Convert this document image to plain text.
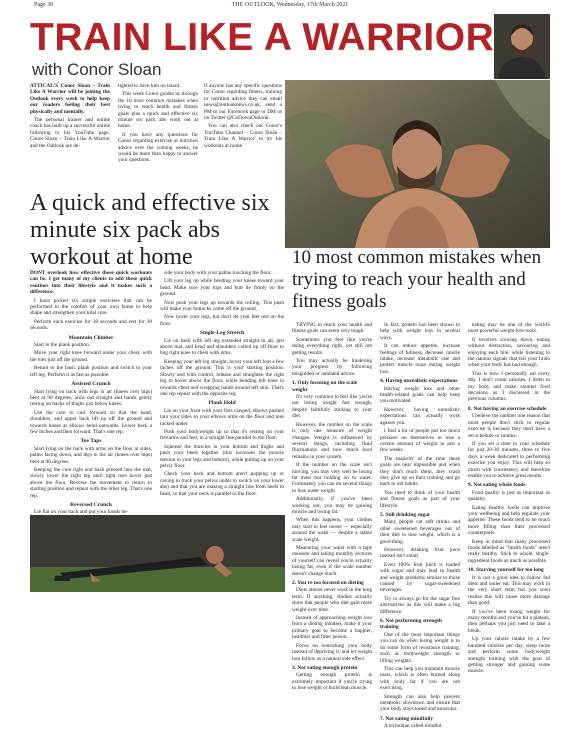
Page 38	THE OUTLOOK, Wednesday, 17th March 2021
TRAIN LIKE A WARRIOR
with Conor Sloan

ATTICAL'S Conor Sloan – Train Like A Warrior will be joining the Outlook every week to help keep our readers feeling their best physically and mentally.

The personal trainer and online coach has built up a successful online following to his YouTube page, Conor Sloan – Train Like A Warrior and the Outlook are de-

lighted to have him on board.

This week Conor guides us through the 10 most common mistakes when trying to reach health and fitness goals plus a quick and effective six minute six pack abs work out at home.

If you have any questions for Conor regarding exercise or nutrition advice over the coming weeks, he would be more than happy to answer your questions.

If anyone has any specific questions for Conor regarding fitness, training or nutrition advice they can email news@outlooknews.co.uk, send a PM to our Facebook page or DM us on Twitter @CoDownOutlook.

You can also check out Conor's YouTube Channel – Conor Sloan – Train Like A Warrior' to try his workouts at home.

A quick and effective six minute six pack abs workout at home

DONT overlook how effective these quick workouts can be. I get many of my clients to add these quick routines into their lifestyle and it makes such a difference.

I have picked six simple exercises that can be performed in the comfort of your own home to help shape and strengthen your total core.

Perform each exercise for 30 seconds and rest for 30 seconds.

Mountain Climber

Start in the plank position.

Move your right knee forward under your chest, with the toes just off the ground.

Return to the basic plank position and switch to your left leg. Perform it as fast as possible.

Assisted Crunch

Start lying on back with legs in air (knees over hips) bent at 90 degrees, arms out straight and hands gently resting on backs of thighs just below knees.

Use the core to curl forward so that the head, shoulders, and upper back lift up off the ground and towards knees as elbows bend outwards. Lower back a few inches and then forward. That's one rep.

Toe Taps

Start lying on the back with arms on the floor at sides, palms facing down, and legs in the air (knees over hips) bent at 90 degrees.

Keeping the core tight and back pressed into the mat, slowly lower the right leg until right toes hover just above the floor. Reverse the movement to return to starting position and repeat with the other leg. That's one rep.

Reversed Crunch

Lie flat on your back and put your hands be-

side your body with your palms touching the floor.

Lift your leg up while bending your knees toward your head. Make sure your hips and butt lie firmly on the ground.

Now push your legs up towards the ceiling. This push will make your buttocks come off the ground.

Now lower your legs, but don't let your feet rest on the floor.

Single-Leg Stretch

Lie on back with left leg extended straight in air, just above mat, and head and shoulders curled up off floor to hug right knee to chest with arms.

Keeping your left leg straight, hover your left foot a few inches off the ground. This is your starting position. Slowly and with control, release and straighten the right leg to hover above the floor, while bending left knee in towards chest and wrapping hands around left shin. That's one rep repeat with the opposite leg.

Plank Hold

Lie on your front with your fists clasped, elbows pushed into your sides so your elbows arms on the floor and toes tucked under.

Push your bodyweight up so that it's resting on your forearms and feet, in a straight line parallel to the floor.

Squeeze the muscles in your bottom and thighs and push your heels together (this increases the muscle tension in your legs and bottom), while pulling up on your pelvic floor.

Check your back and bottom aren't popping up or caving in (tuck your pelvis under to switch on your lower abs) and that you are making a straight line from heels to head, so that your neck is parallel to the floor.

10 most common mistakes when trying to reach your health and fitness goals

TRYING to reach your health and fitness goals can seem very tough.

Sometimes you feel like you're doing everything right, yet still not getting results.

You may actually be hindering your progress by following misguided or outdated advice.

1. Only focusing on the scale weight

It's very common to feel like you're not losing weight fast enough, despite faithfully sticking to your diet.

However, the number on the scale is only one measure of weight changes. Weight is influenced by several things, including fluid fluctuations and how much food remains in your system.

If the number on the scale isn't moving, you may very well be losing fat mass but holding on to water. Fortunately you can do several things to lose water weight.

Additionally, if you've been working out, you may be gaining muscle and losing fat.

When this happens, your clothes may start to feel looser — especially around the waist — despite a stable scale weight.

Measuring your waist with a tape measure and taking monthly pictures of yourself can reveal you're actually losing fat, even if the scale number doesn't change much.

2. You're too focused on dieting

Diets almost never work in the long term. If anything, studies actually show that people who diet gain more weight over time.

Instead of approaching weight loss from a dieting mindset, make it your primary goal to become a happier, healthier and fitter person.

Focus on nourishing your body instead of depriving it, and let weight loss follow as a natural side effect.

3. Not eating enough protein

Getting enough protein is extremely important if you're trying to lose weight or build lean muscle.

In fact, protein has been shown to help with weight loss in several ways.

It can reduce appetite, increase feelings of fullness, decrease calorie intake, increase metabolic rate and protect muscle mass during weight loss.

4. Having unrealistic expectations

Having weight loss and other health-related goals can help keep you motivated.

However, having unrealistic expectations can actually work against you.

I find a lot of people put too much pressure on themselves to lose a certain amount of weight in just a few weeks.

The majority of the time these goals are near impossible and when they don't reach them, they crash diet, give up on their training and go back to old habits.

You need to think of your health and fitness goals as part of your lifestyle.

5. Still drinking sugar

Many people cut soft drinks and other sweetened beverages out of their diet to lose weight, which is a good thing.

However, drinking fruit juice instead isn't smart.

Even 100% fruit juice is loaded with sugar and may lead to health and weight problems similar to those caused by sugar-sweetened beverages.

Try to always go for the sugar free alternatives as this will make a big difference.

6. Not performing strength training

One of the most important things you can do when losing weight is to do some form of resistance training, such as bodyweight strength or lifting weights.

This can help you maintain muscle mass, which is often burned along with body fat if you are not exercising.

Strength can also help prevent metabolic slowdown and ensure that your body stays toned and muscular.

7. Not eating mindfully

A technique called mindful

eating may be one of the world's most powerful weight loss tools.

It involves slowing down, eating without distraction, savouring and enjoying each bite, while listening to the natural signals that tell your brain when your body has had enough.

This is how I personally eat every day. I don't count calories. I listen to my body and make smarter food decisions as I discussed in the previous columns.

8. Not having an exercise schedule

I believe the number one reason that most people don't stick to regular exercise is because they don't have a set schedule or routine.

If you set a time in your schedule for just 20-30 minutes, three to five days a week dedicated to performing exercise you enjoy. This will help so much with consistency and therefore enable you to achieve great results.

9. Not eating whole foods

Food quality is just as important as quantity.

Eating healthy foods can improve your wellbeing and help regulate your appetite. These foods tend to be much more filling than their processed counterparts.

Keep in mind that many processed foods labelled as "health foods" aren't really healthy. Stick to whole, single-ingredient foods as much as possible.

10. Starving yourself for too long

It is not a good idea to follow fad diets and under eat. This may work in the very short term but you soon realise this will cause more damage than good.

If you've been losing weight for many months and you've hit a plateau, then perhaps you just need to take a break.

Up your calorie intake by a few hundred calories per day, sleep more and perform some bodyweight strength training with the goal of getting stronger and gaining some muscle.
